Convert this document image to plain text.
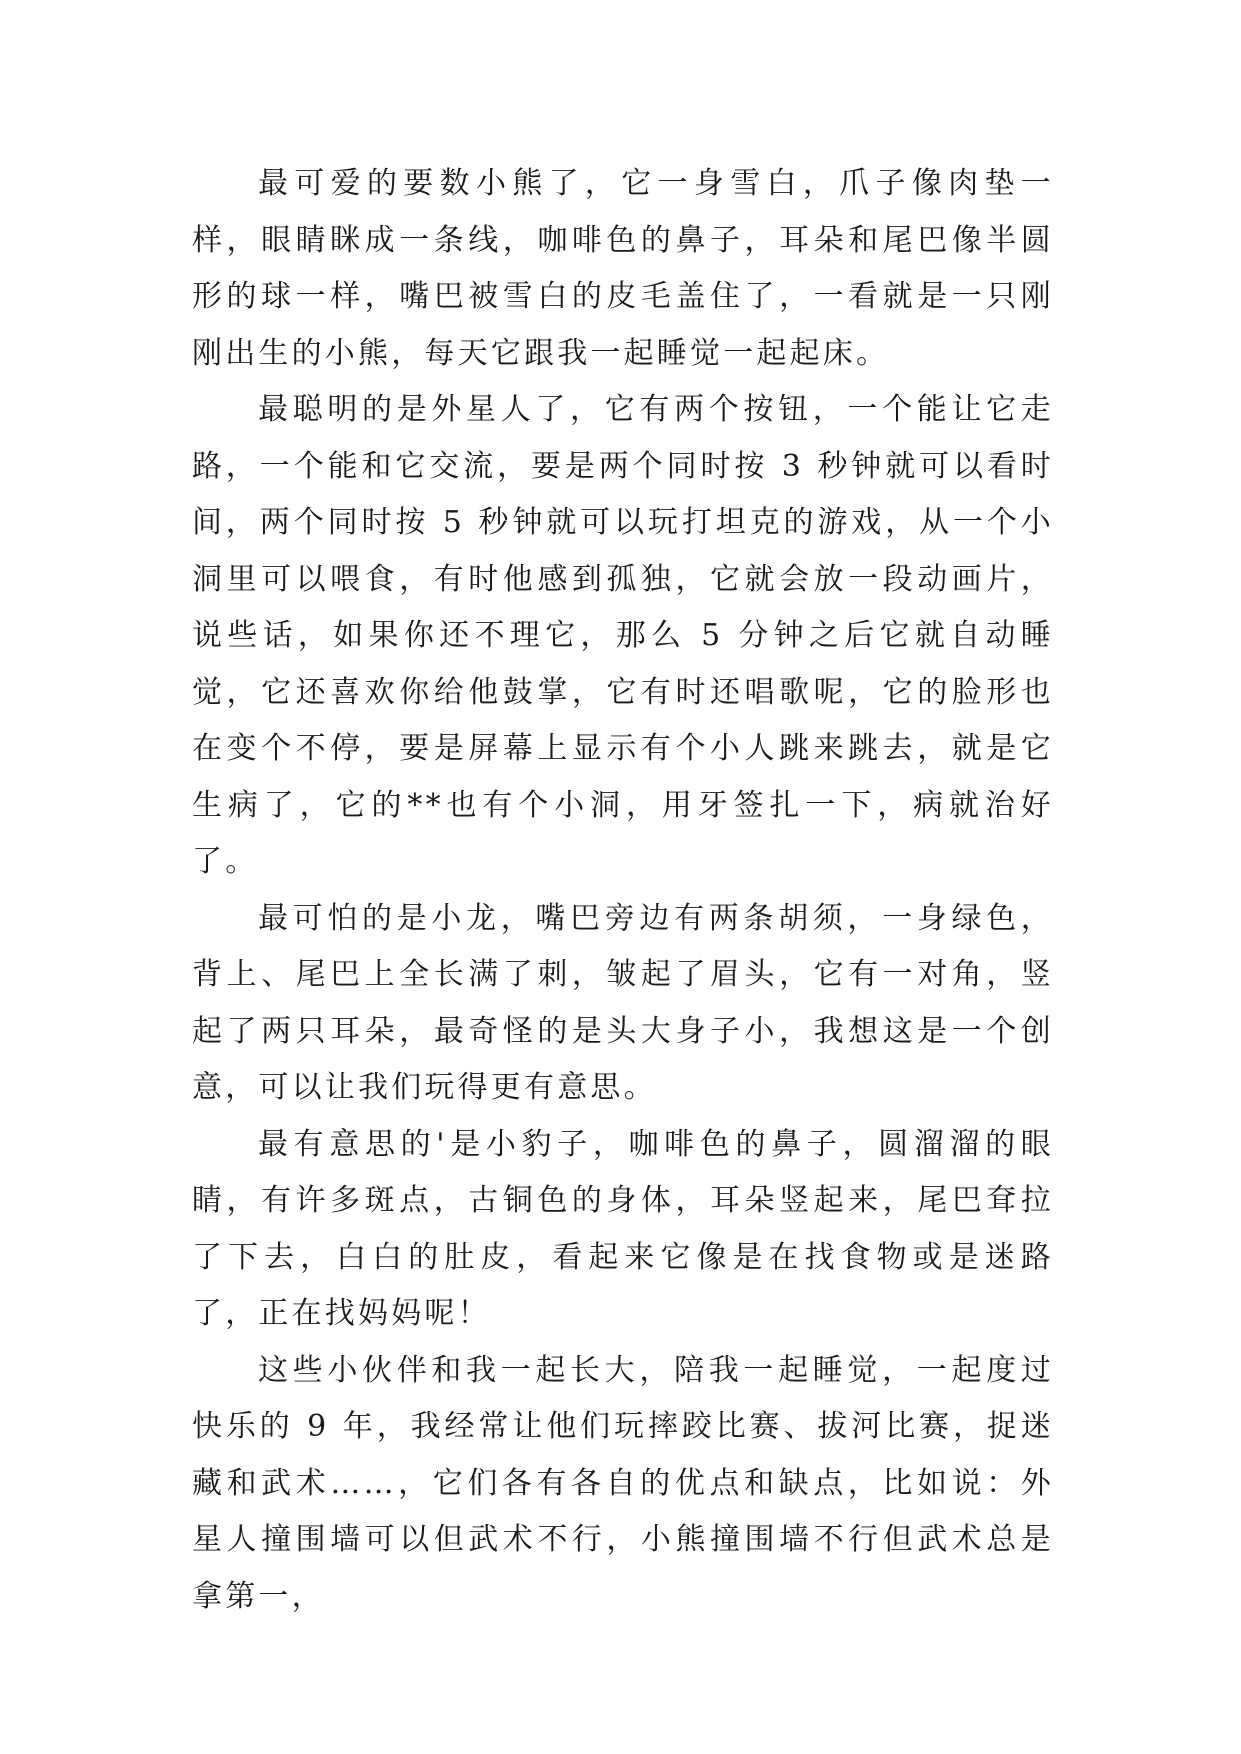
最可爱的要数小熊了，它一身雪白，爪子像肉垫一样，眼睛眯成一条线，咖啡色的鼻子，耳朵和尾巴像半圆形的球一样，嘴巴被雪白的皮毛盖住了，一看就是一只刚刚出生的小熊，每天它跟我一起睡觉一起起床。

最聪明的是外星人了，它有两个按钮，一个能让它走路，一个能和它交流，要是两个同时按 3 秒钟就可以看时间，两个同时按 5 秒钟就可以玩打坦克的游戏，从一个小洞里可以喂食，有时他感到孤独，它就会放一段动画片，说些话，如果你还不理它，那么 5 分钟之后它就自动睡觉，它还喜欢你给他鼓掌，它有时还唱歌呢，它的脸形也在变个不停，要是屏幕上显示有个小人跳来跳去，就是它生病了，它的**也有个小洞，用牙签扎一下，病就治好了。

最可怕的是小龙，嘴巴旁边有两条胡须，一身绿色，背上、尾巴上全长满了刺，皱起了眉头，它有一对角，竖起了两只耳朵，最奇怪的是头大身子小，我想这是一个创意，可以让我们玩得更有意思。

最有意思的'是小豹子，咖啡色的鼻子，圆溜溜的眼睛，有许多斑点，古铜色的身体，耳朵竖起来，尾巴耷拉了下去，白白的肚皮，看起来它像是在找食物或是迷路了，正在找妈妈呢！

这些小伙伴和我一起长大，陪我一起睡觉，一起度过快乐的 9 年，我经常让他们玩摔跤比赛、拔河比赛，捉迷藏和武术……，它们各有各自的优点和缺点，比如说：外星人撞围墙可以但武术不行，小熊撞围墙不行但武术总是拿第一，
